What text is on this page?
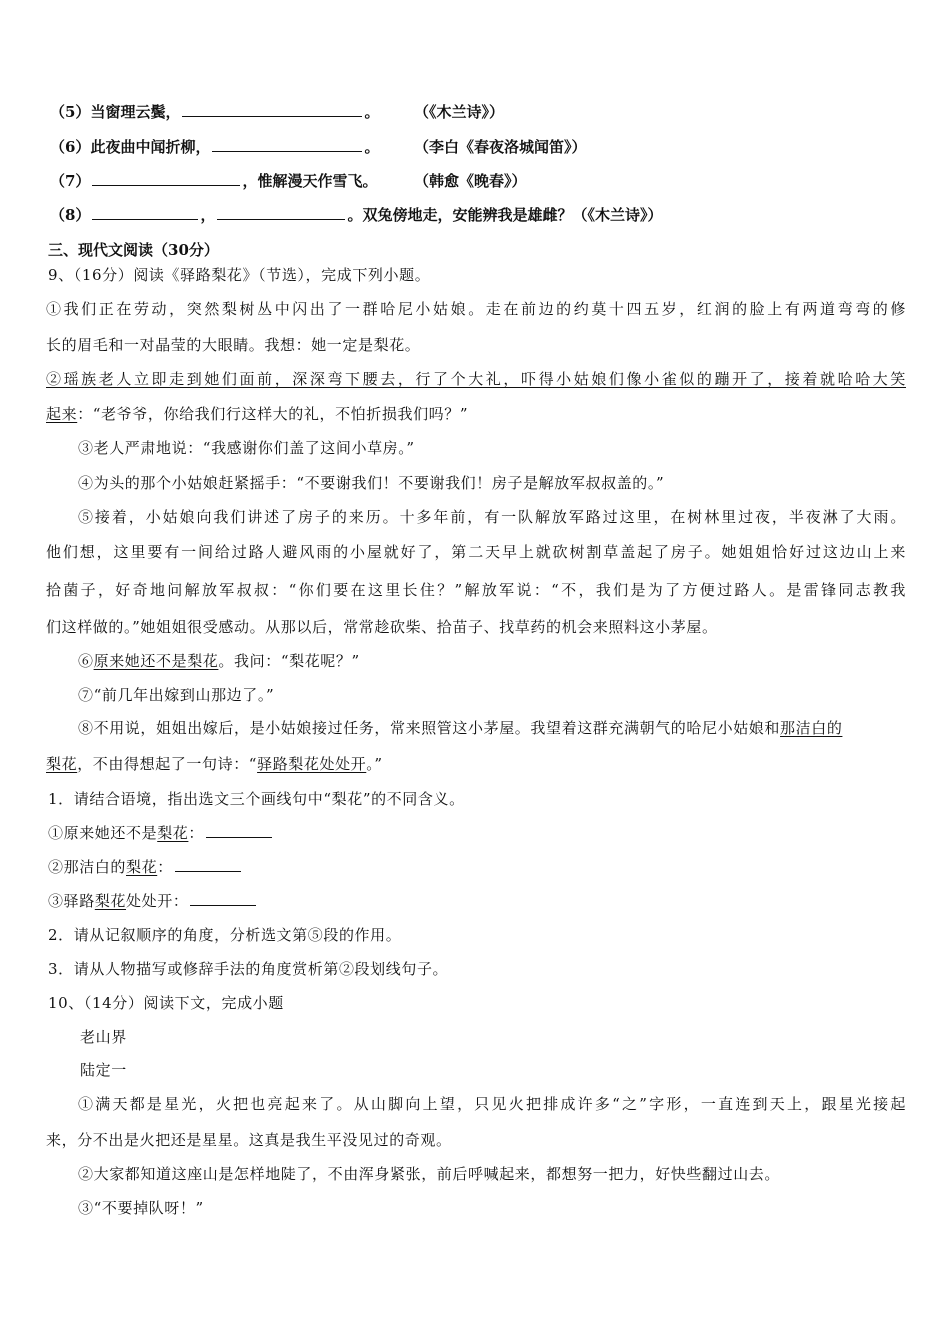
（5）当窗理云鬓，	。 （《木兰诗》）
（6）此夜曲中闻折柳，	。 （李白《春夜洛城闻笛》）
（7）	，惟解漫天作雪飞。 （韩愈《晚春》）
（8）	，	。双兔傍地走，安能辨我是雄雌？（《木兰诗》）
三、现代文阅读（30分）
9、（16分）阅读《驿路梨花》（节选），完成下列小题。
①我们正在劳动，突然梨树丛中闪出了一群哈尼小姑娘。走在前边的约莫十四五岁，红润的脸上有两道弯弯的修
长的眉毛和一对晶莹的大眼睛。我想：她一定是梨花。
②瑶族老人立即走到她们面前，深深弯下腰去，行了个大礼，吓得小姑娘们像小雀似的蹦开了，接着就哈哈大笑
起来：“老爷爷，你给我们行这样大的礼，不怕折损我们吗？”
③老人严肃地说：“我感谢你们盖了这间小草房。”
④为头的那个小姑娘赶紧摇手：“不要谢我们！不要谢我们！房子是解放军叔叔盖的。”
⑤接着，小姑娘向我们讲述了房子的来历。十多年前，有一队解放军路过这里，在树林里过夜，半夜淋了大雨。
他们想，这里要有一间给过路人避风雨的小屋就好了，第二天早上就砍树割草盖起了房子。她姐姐恰好过这边山上来
拾菌子，好奇地问解放军叔叔：“你们要在这里长住？”解放军说：“不，我们是为了方便过路人。是雷锋同志教我
们这样做的。”她姐姐很受感动。从那以后，常常趁砍柴、拾苗子、找草药的机会来照料这小茅屋。
⑥原来她还不是梨花。我问：“梨花呢？”
⑦“前几年出嫁到山那边了。”
⑧不用说，姐姐出嫁后，是小姑娘接过任务，常来照管这小茅屋。我望着这群充满朝气的哈尼小姑娘和那洁白的
梨花，不由得想起了一句诗：“驿路梨花处处开。”
1．请结合语境，指出选文三个画线句中“梨花”的不同含义。
①原来她还不是梨花：
②那洁白的梨花：
③驿路梨花处处开：
2．请从记叙顺序的角度，分析选文第⑤段的作用。
3．请从人物描写或修辞手法的角度赏析第②段划线句子。
10、（14分）阅读下文，完成小题
老山界
陆定一
①满天都是星光，火把也亮起来了。从山脚向上望，只见火把排成许多“之”字形，一直连到天上，跟星光接起
来，分不出是火把还是星星。这真是我生平没见过的奇观。
②大家都知道这座山是怎样地陡了，不由浑身紧张，前后呼喊起来，都想努一把力，好快些翻过山去。
③“不要掉队呀！”
